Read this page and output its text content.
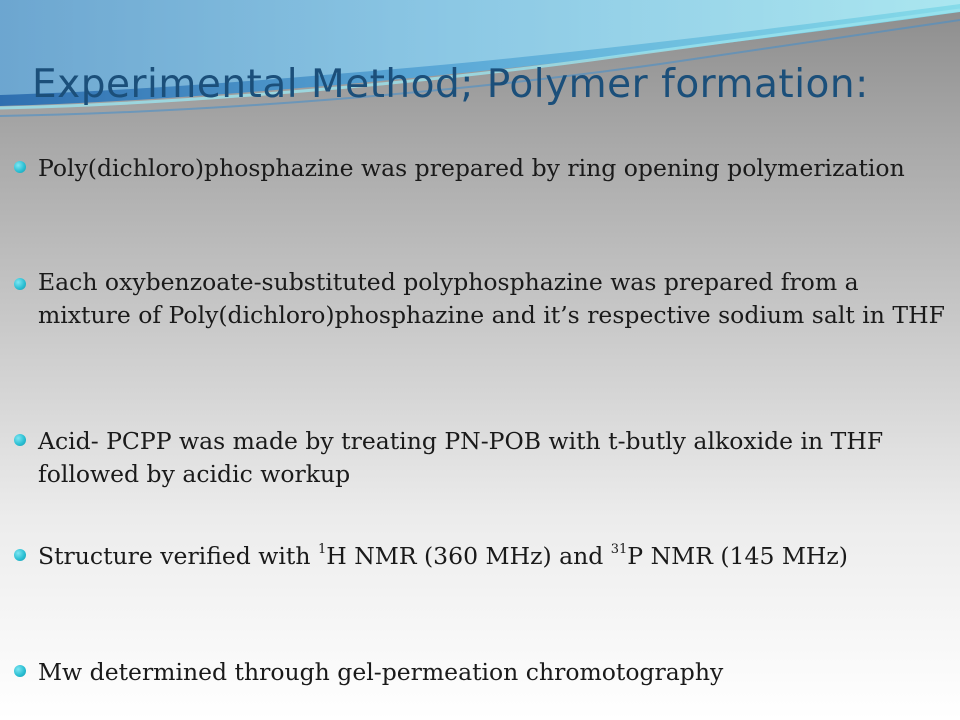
Experimental Method; Polymer formation:
Poly(dichloro)phosphazine was prepared by ring opening polymerization
Each oxybenzoate-substituted polyphosphazine was prepared from a mixture of Poly(dichloro)phosphazine and it’s respective sodium salt in THF
Acid- PCPP was made by treating PN-POB with t-butly alkoxide in THF followed by acidic workup
Structure verified with $^1$H NMR (360 MHz) and $^{31}$P NMR (145 MHz)
Mw determined through gel-permeation chromotography
